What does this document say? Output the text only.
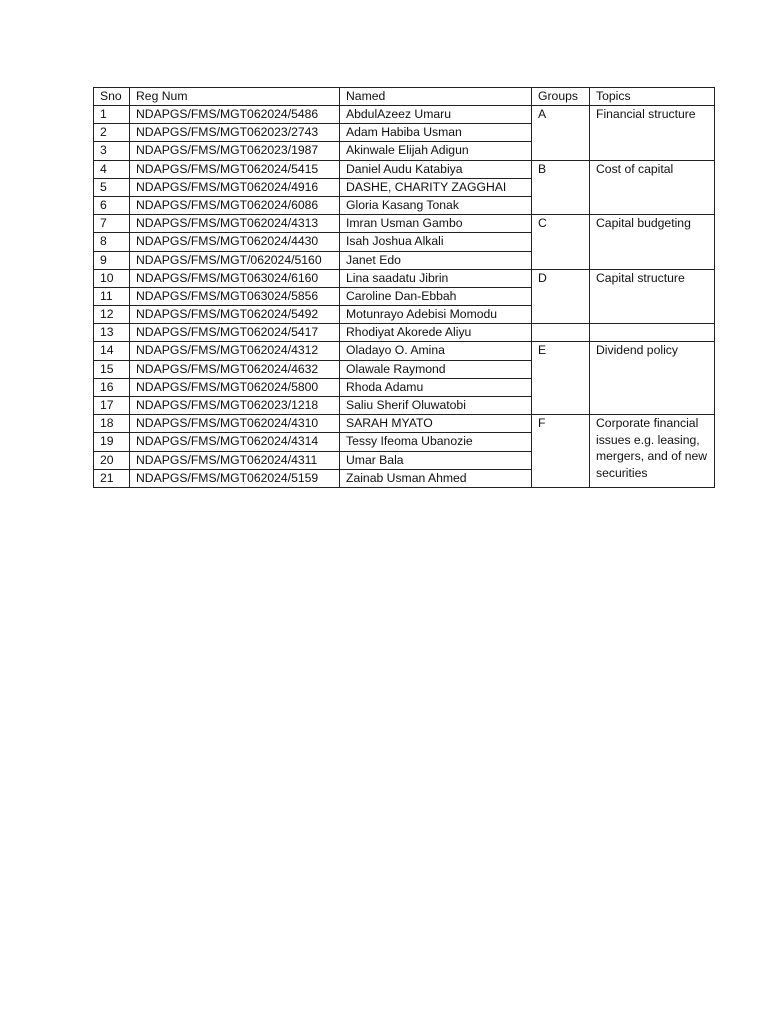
Sno	Reg Num	Named	Groups	Topics
1	NDAPGS/FMS/MGT062024/5486	AbdulAzeez Umaru	A	Financial structure
2	NDAPGS/FMS/MGT062023/2743	Adam Habiba Usman		
3	NDAPGS/FMS/MGT062023/1987	Akinwale Elijah Adigun		
4	NDAPGS/FMS/MGT062024/5415	Daniel Audu Katabiya	B	Cost of capital
5	NDAPGS/FMS/MGT062024/4916	DASHE, CHARITY ZAGGHAI		
6	NDAPGS/FMS/MGT062024/6086	Gloria Kasang Tonak		
7	NDAPGS/FMS/MGT062024/4313	Imran Usman Gambo	C	Capital budgeting
8	NDAPGS/FMS/MGT062024/4430	Isah Joshua Alkali		
9	NDAPGS/FMS/MGT/062024/5160	Janet Edo		
10	NDAPGS/FMS/MGT063024/6160	Lina saadatu Jibrin	D	Capital structure
11	NDAPGS/FMS/MGT063024/5856	Caroline Dan-Ebbah		
12	NDAPGS/FMS/MGT062024/5492	Motunrayo Adebisi Momodu		
13	NDAPGS/FMS/MGT062024/5417	Rhodiyat Akorede Aliyu		
14	NDAPGS/FMS/MGT062024/4312	Oladayo O. Amina	E	Dividend policy
15	NDAPGS/FMS/MGT062024/4632	Olawale Raymond		
16	NDAPGS/FMS/MGT062024/5800	Rhoda Adamu		
17	NDAPGS/FMS/MGT062023/1218	Saliu Sherif Oluwatobi		
18	NDAPGS/FMS/MGT062024/4310	SARAH MYATO	F	Corporate financial issues e.g. leasing, mergers, and of new securities
19	NDAPGS/FMS/MGT062024/4314	Tessy Ifeoma Ubanozie		
20	NDAPGS/FMS/MGT062024/4311	Umar Bala		
21	NDAPGS/FMS/MGT062024/5159	Zainab Usman Ahmed		
